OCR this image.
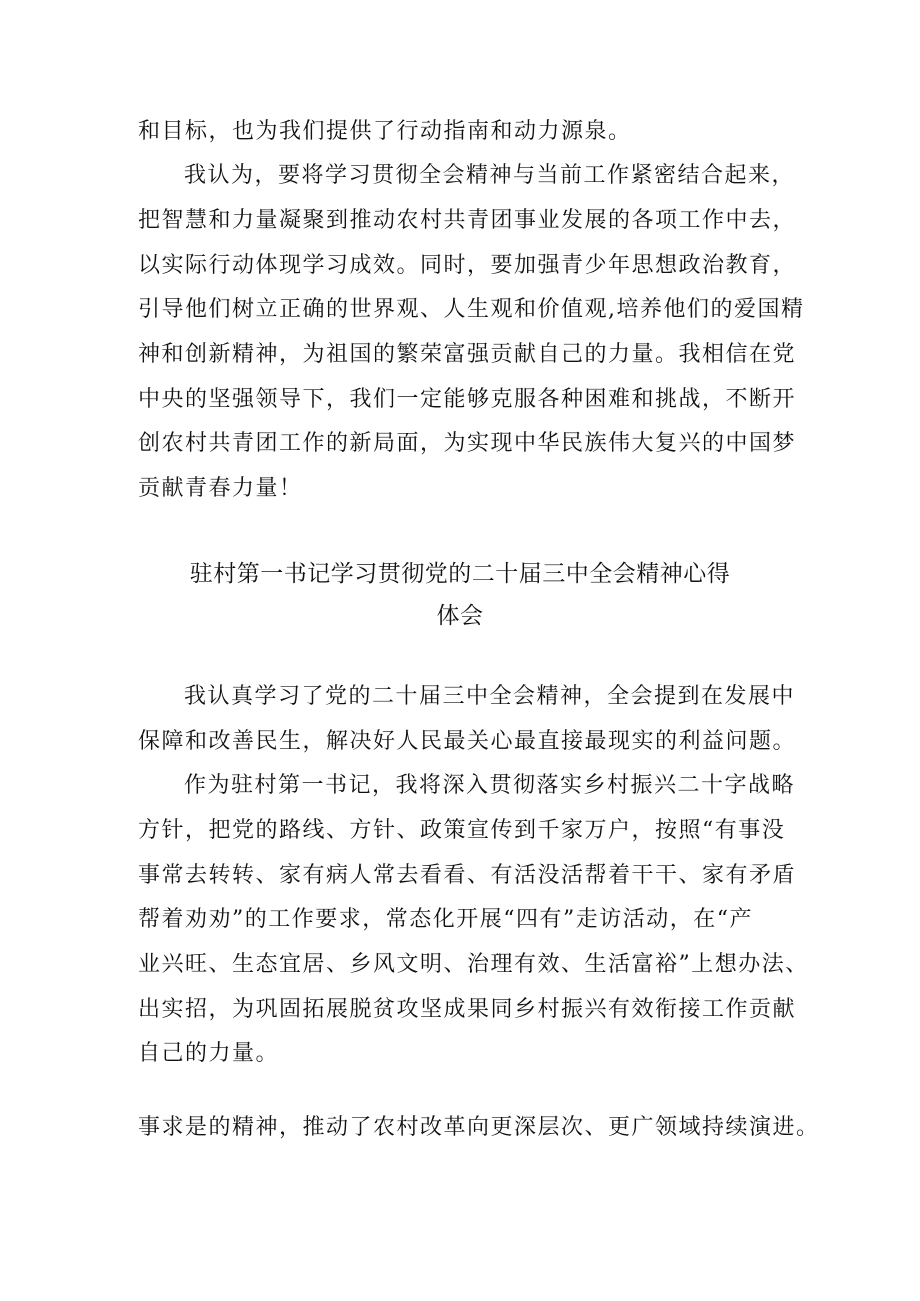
和目标，也为我们提供了行动指南和动力源泉。
我认为，要将学习贯彻全会精神与当前工作紧密结合起来，
把智慧和力量凝聚到推动农村共青团事业发展的各项工作中去，
以实际行动体现学习成效。同时，要加强青少年思想政治教育，
引导他们树立正确的世界观、人生观和价值观,培养他们的爱国精
神和创新精神，为祖国的繁荣富强贡献自己的力量。我相信在党
中央的坚强领导下，我们一定能够克服各种困难和挑战，不断开
创农村共青团工作的新局面，为实现中华民族伟大复兴的中国梦
贡献青春力量！
驻村第一书记学习贯彻党的二十届三中全会精神心得
体会
我认真学习了党的二十届三中全会精神，全会提到在发展中
保障和改善民生，解决好人民最关心最直接最现实的利益问题。
作为驻村第一书记，我将深入贯彻落实乡村振兴二十字战略
方针，把党的路线、方针、政策宣传到千家万户，按照“有事没
事常去转转、家有病人常去看看、有活没活帮着干干、家有矛盾
帮着劝劝”的工作要求，常态化开展“四有”走访活动，在“产
业兴旺、生态宜居、乡风文明、治理有效、生活富裕”上想办法、
出实招，为巩固拓展脱贫攻坚成果同乡村振兴有效衔接工作贡献
自己的力量。
事求是的精神，推动了农村改革向更深层次、更广领域持续演进。
